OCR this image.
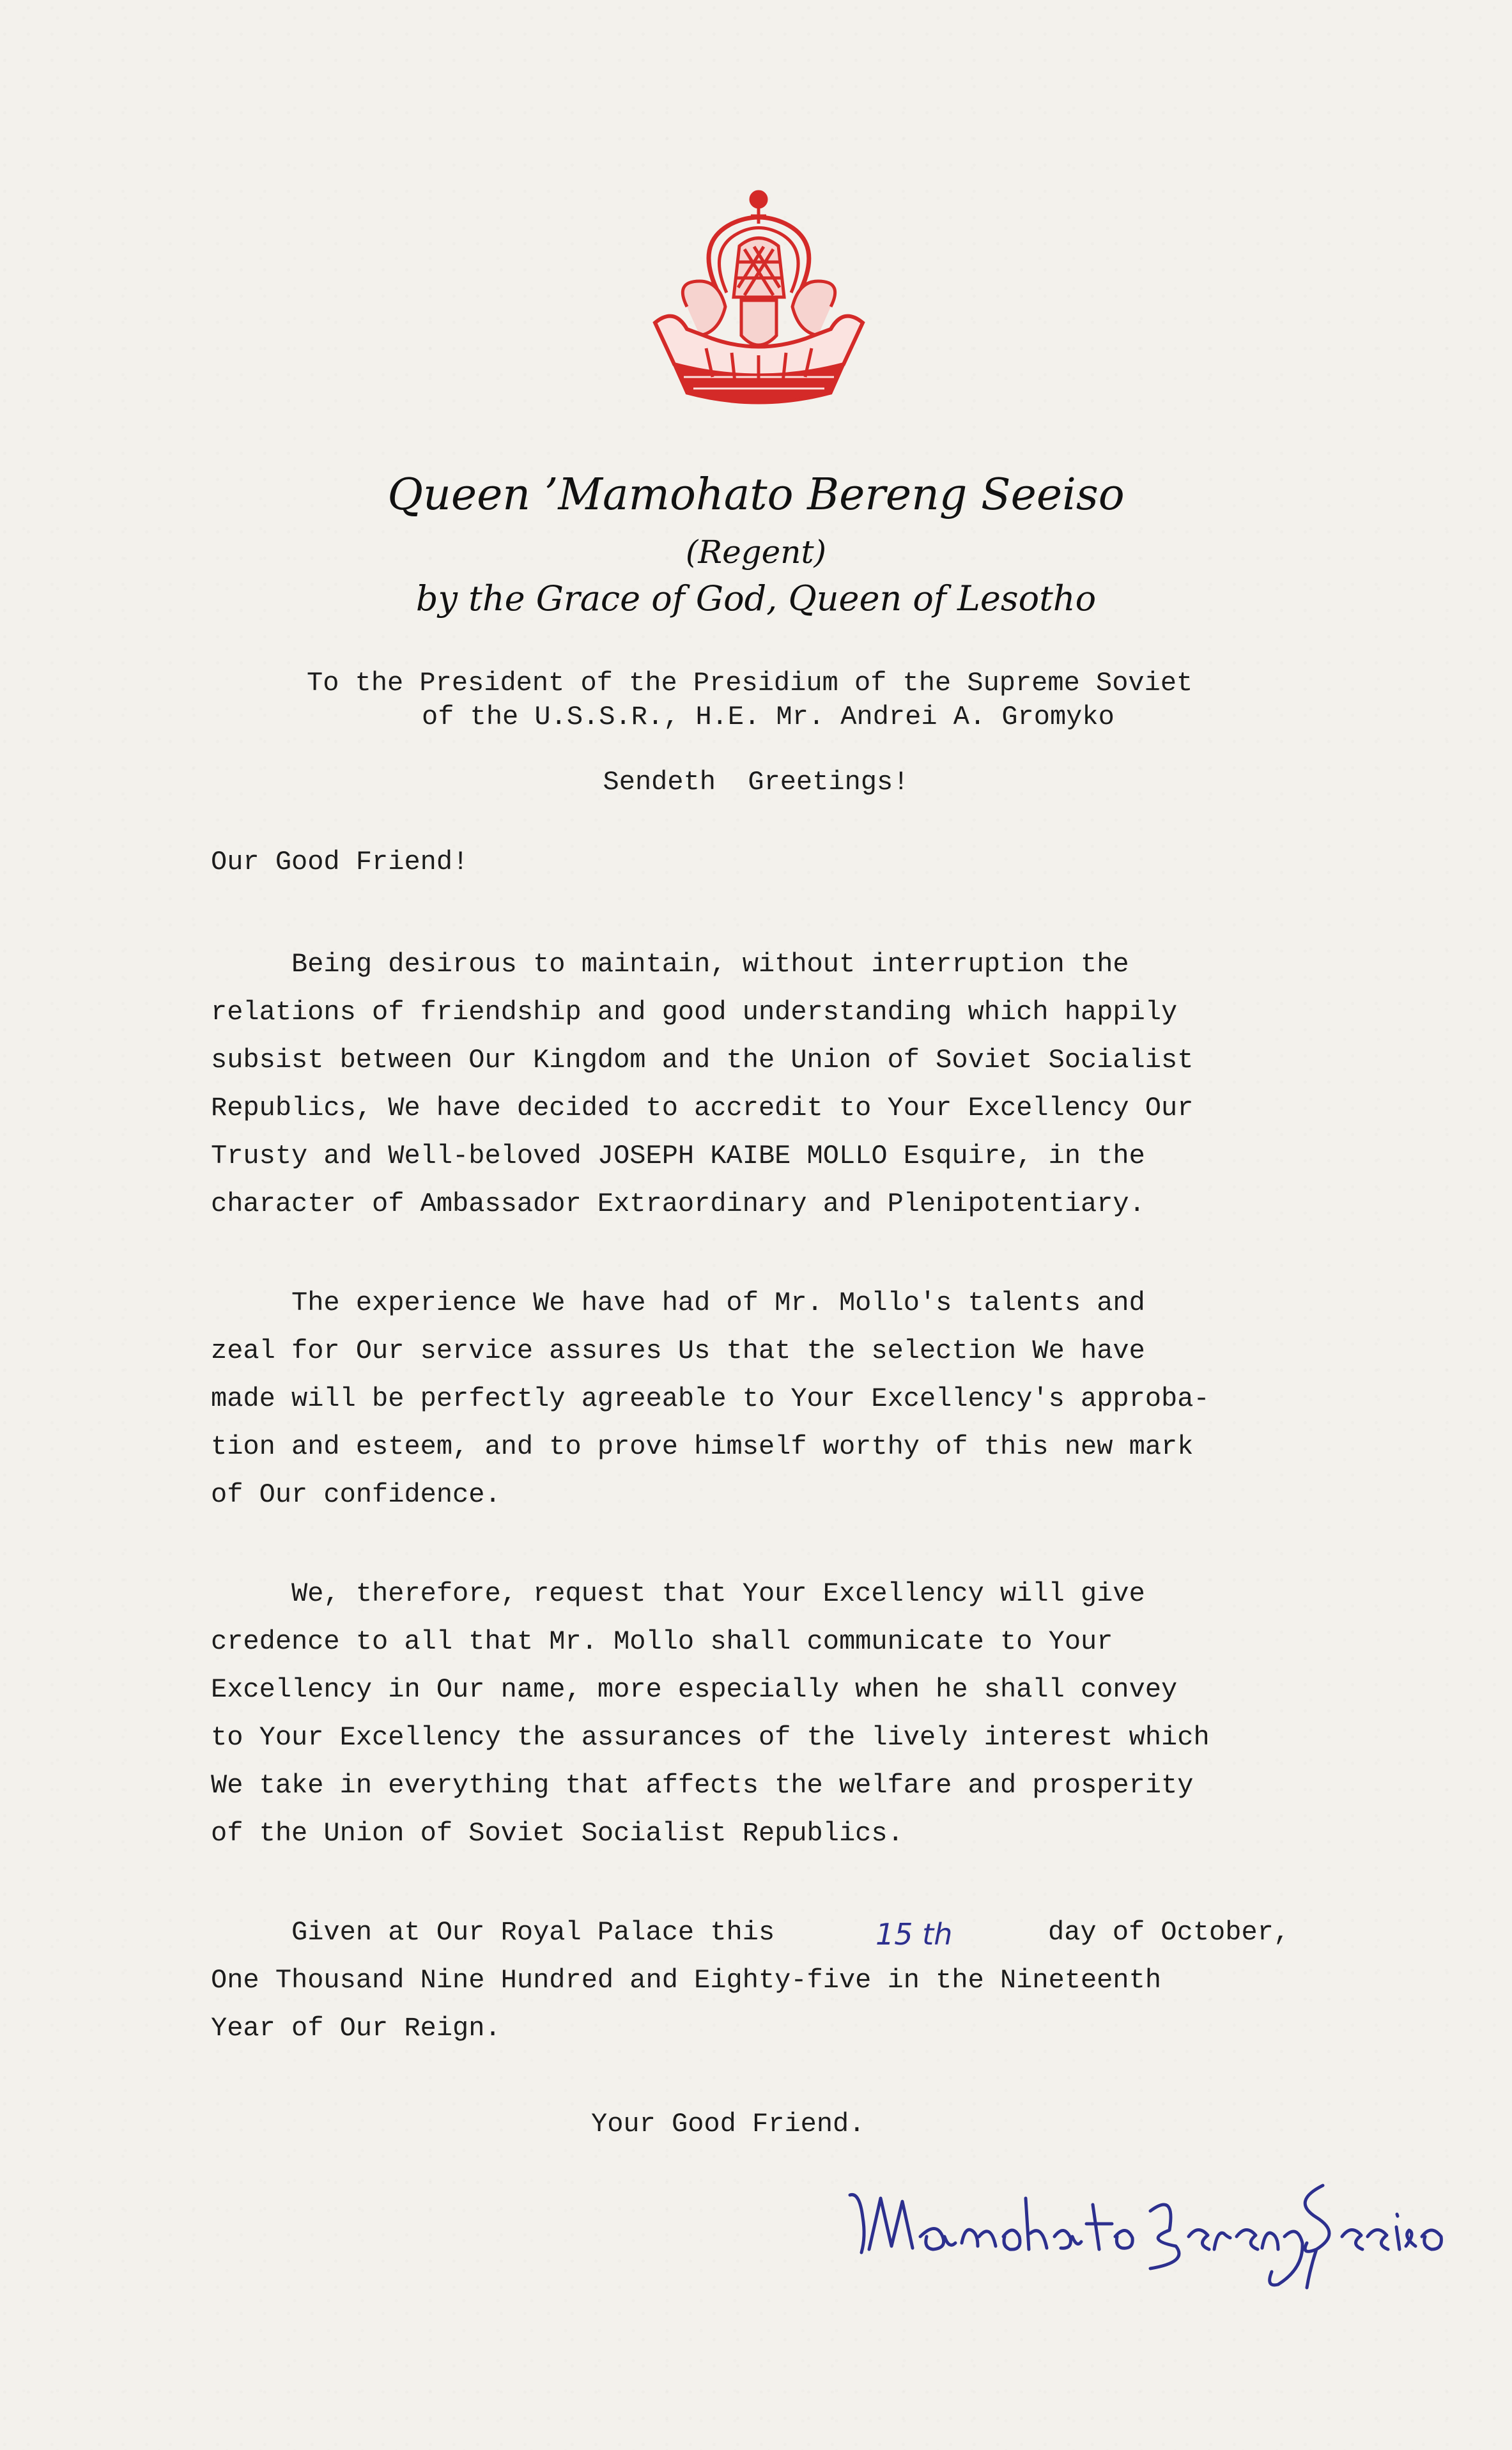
Queen ’Mamohato Bereng Seeiso
(Regent)
by the Grace of God, Queen of Lesotho
To the President of the Presidium of the Supreme Soviet
of the U.S.S.R., H.E. Mr. Andrei A. Gromyko
Sendeth  Greetings!
Our Good Friend!
Being desirous to maintain, without interruption the
relations of friendship and good understanding which happily
subsist between Our Kingdom and the Union of Soviet Socialist
Republics, We have decided to accredit to Your Excellency Our
Trusty and Well-beloved JOSEPH KAIBE MOLLO Esquire, in the
character of Ambassador Extraordinary and Plenipotentiary.
The experience We have had of Mr. Mollo's talents and
zeal for Our service assures Us that the selection We have
made will be perfectly agreeable to Your Excellency's approba-
tion and esteem, and to prove himself worthy of this new mark
of Our confidence.
We, therefore, request that Your Excellency will give
credence to all that Mr. Mollo shall communicate to Your
Excellency in Our name, more especially when he shall convey
to Your Excellency the assurances of the lively interest which
We take in everything that affects the welfare and prosperity
of the Union of Soviet Socialist Republics.
Given at Our Royal Palace this	15 th	day of October,
One Thousand Nine Hundred and Eighty-five in the Nineteenth
Year of Our Reign.
Your Good Friend.
